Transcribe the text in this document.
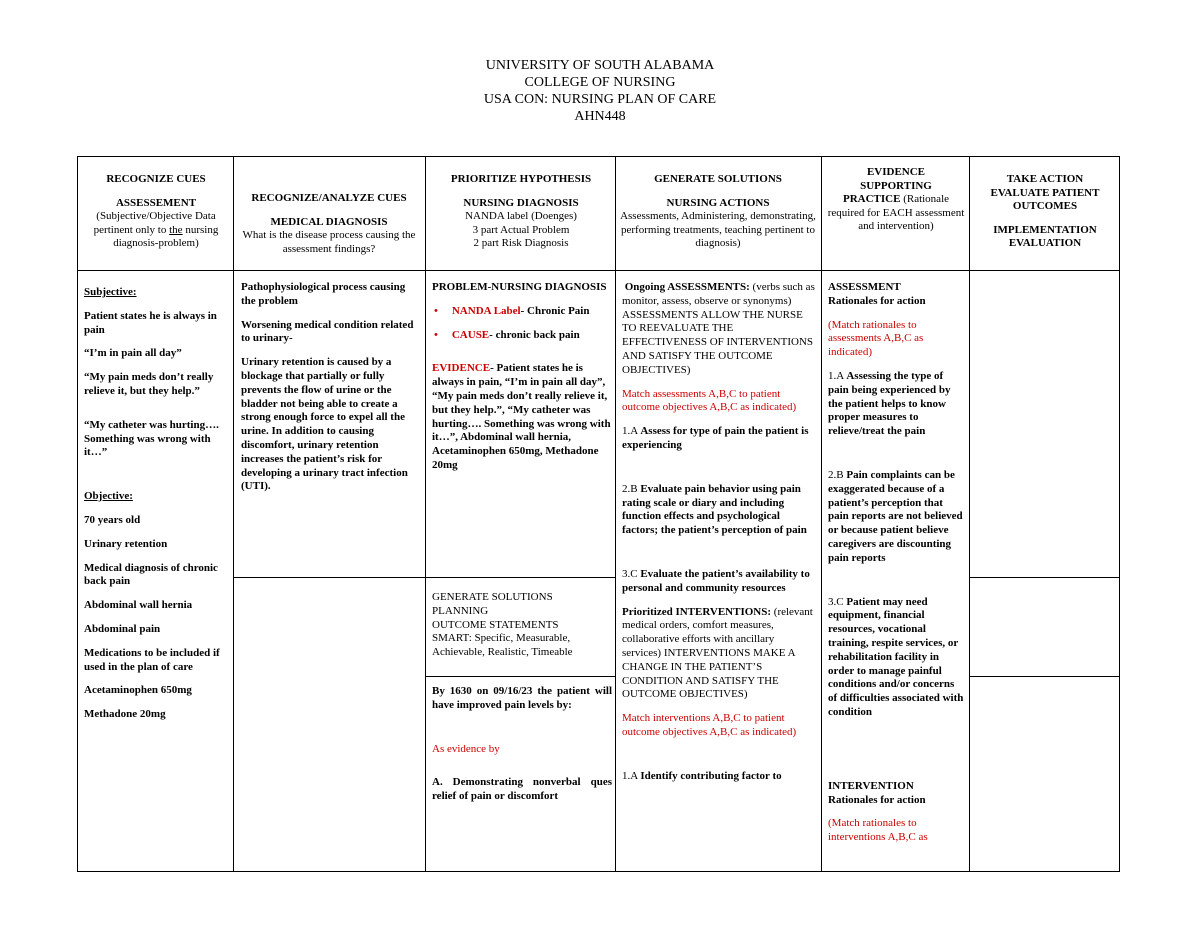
UNIVERSITY OF SOUTH ALABAMA
COLLEGE OF NURSING
USA CON: NURSING PLAN OF CARE
AHN448

RECOGNIZE CUES

ASSESSEMENT

(Subjective/Objective Data pertinent only to the nursing diagnosis-problem)

RECOGNIZE/ANALYZE CUES

MEDICAL DIAGNOSIS

What is the disease process causing the assessment findings?

PRIORITIZE HYPOTHESIS

NURSING DIAGNOSIS

NANDA label (Doenges)

3 part Actual Problem

2 part Risk Diagnosis

GENERATE SOLUTIONS

NURSING ACTIONS

Assessments, Administering, demonstrating, performing treatments, teaching pertinent to diagnosis)

EVIDENCE

SUPPORTING

PRACTICE (Rationale

required for EACH assessment and intervention)

TAKE ACTION

EVALUATE PATIENT OUTCOMES

IMPLEMENTATION EVALUATION

Subjective:

Patient states he is always in pain

“I’m in pain all day”

“My pain meds don’t really relieve it, but they help.”

“My catheter was hurting…. Something was wrong with it…”

Objective:

70 years old

Urinary retention

Medical diagnosis of chronic back pain

Abdominal wall hernia

Abdominal pain

Medications to be included if used in the plan of care

Acetaminophen 650mg

Methadone 20mg

Pathophysiological process causing the problem

Worsening medical condition related to urinary-

Urinary retention is caused by a blockage that partially or fully prevents the flow of urine or the bladder not being able to create a strong enough force to expel all the urine. In addition to causing discomfort, urinary retention increases the patient’s risk for developing a urinary tract infection (UTI).

PROBLEM-NURSING DIAGNOSIS

• NANDA Label- Chronic Pain
• CAUSE- chronic back pain

EVIDENCE- Patient states he is always in pain, “I’m in pain all day”, “My pain meds don’t really relieve it, but they help.”, “My catheter was hurting…. Something was wrong with it…”, Abdominal wall hernia, Acetaminophen 650mg, Methadone 20mg

GENERATE SOLUTIONS

PLANNING

OUTCOME STATEMENTS

SMART: Specific, Measurable, Achievable, Realistic, Timeable

By 1630 on 09/16/23 the patient will have improved pain levels by:

As evidence by

A. Demonstrating nonverbal ques relief of pain or discomfort

Ongoing ASSESSMENTS: (verbs such as monitor, assess, observe or synonyms) ASSESSMENTS ALLOW THE NURSE TO REEVALUATE THE EFFECTIVENESS OF INTERVENTIONS AND SATISFY THE OUTCOME OBJECTIVES)

Match assessments A,B,C to patient outcome objectives A,B,C as indicated)

1.A Assess for type of pain the patient is experiencing

2.B Evaluate pain behavior using pain rating scale or diary and including function effects and psychological factors; the patient’s perception of pain

3.C Evaluate the patient’s availability to personal and community resources

Prioritized INTERVENTIONS: (relevant medical orders, comfort measures, collaborative efforts with ancillary services) INTERVENTIONS MAKE A CHANGE IN THE PATIENT’S CONDITION AND SATISFY THE OUTCOME OBJECTIVES)

Match interventions A,B,C to patient outcome objectives A,B,C as indicated)

1.A Identify contributing factor to

ASSESSMENT

Rationales for action

(Match rationales to assessments A,B,C as indicated)

1.A Assessing the type of pain being experienced by the patient helps to know proper measures to relieve/treat the pain

2.B Pain complaints can be exaggerated because of a patient’s perception that pain reports are not believed or because patient believe caregivers are discounting pain reports

3.C Patient may need equipment, financial resources, vocational training, respite services, or rehabilitation facility in order to manage painful conditions and/or concerns of difficulties associated with condition

INTERVENTION

Rationales for action

(Match rationales to interventions A,B,C as
